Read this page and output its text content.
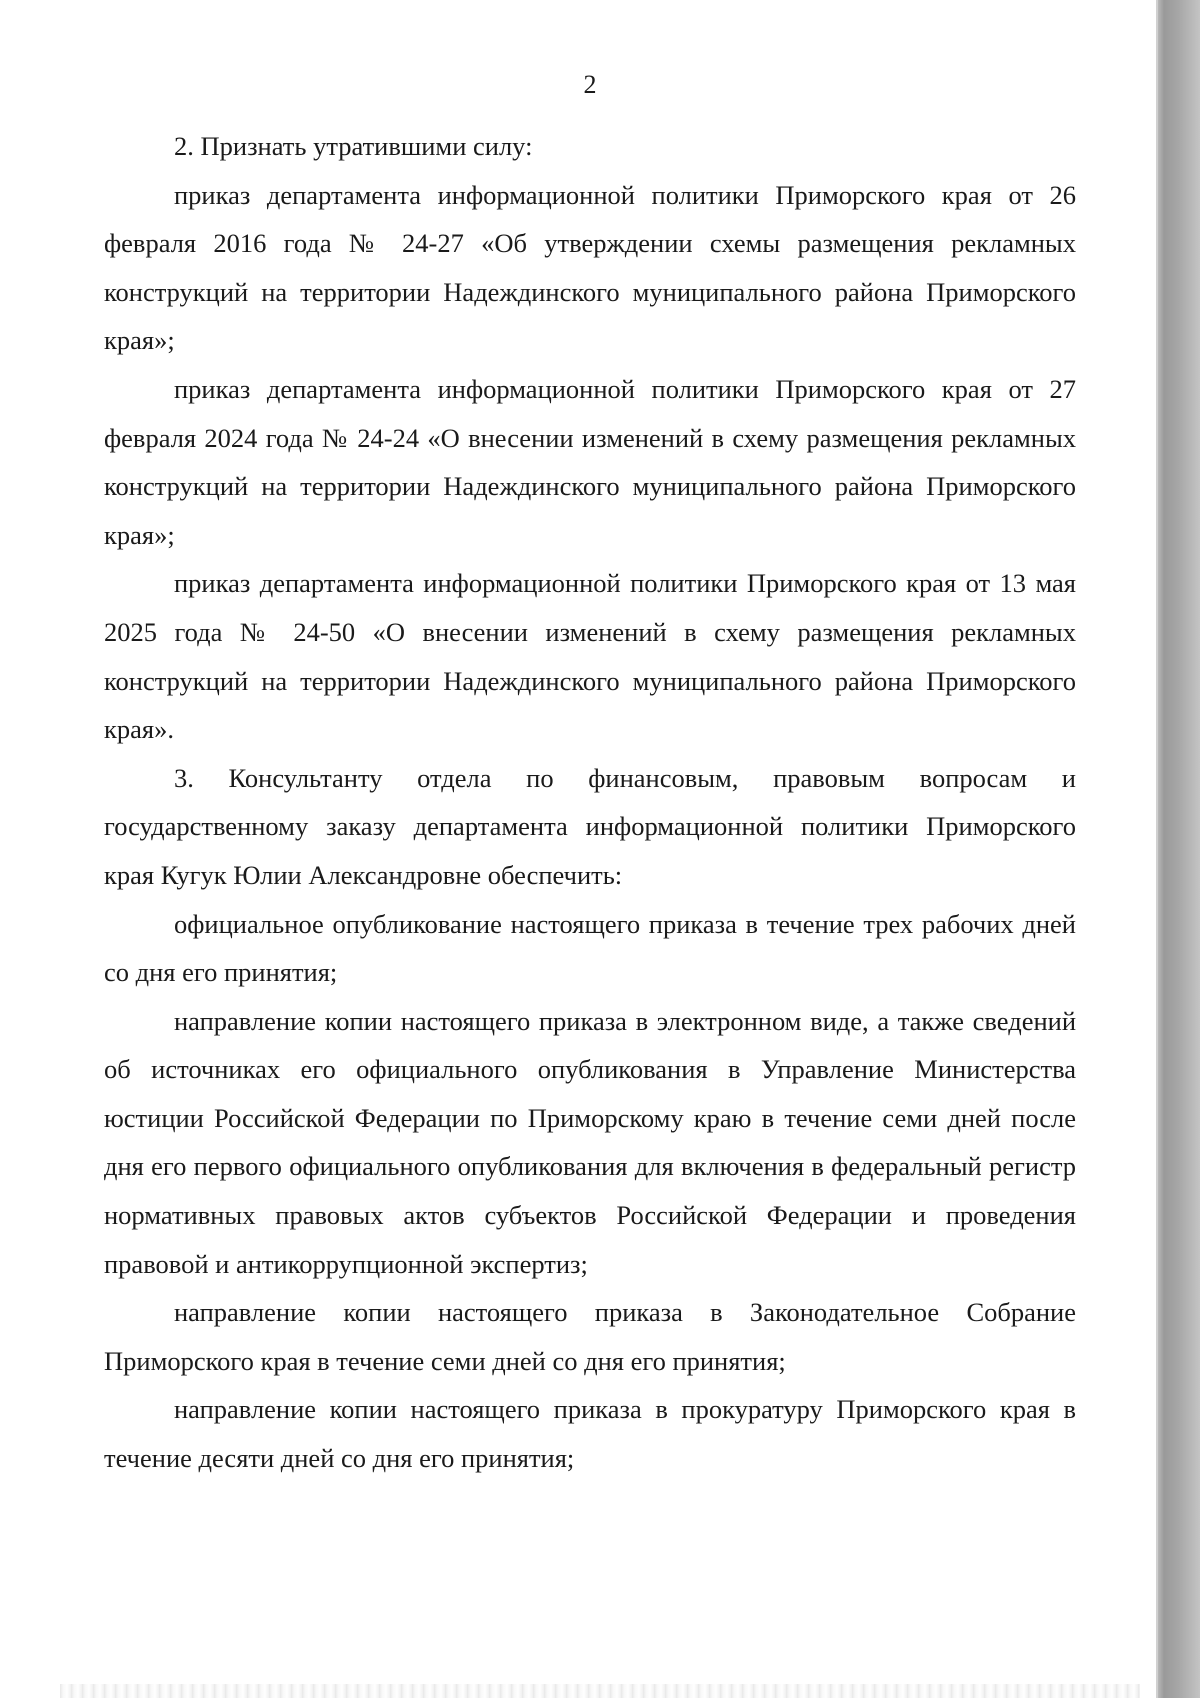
2

2. Признать утратившими силу:

приказ департамента информационной политики Приморского края от 26 февраля 2016 года № 24-27 «Об утверждении схемы размещения рекламных конструкций на территории Надеждинского муниципального района Приморского края»;

приказ департамента информационной политики Приморского края от 27 февраля 2024 года № 24-24 «О внесении изменений в схему размещения рекламных конструкций на территории Надеждинского муниципального района Приморского края»;

приказ департамента информационной политики Приморского края от 13 мая 2025 года № 24-50 «О внесении изменений в схему размещения рекламных конструкций на территории Надеждинского муниципального района Приморского края».

3. Консультанту отдела по финансовым, правовым вопросам и государственному заказу департамента информационной политики Приморского края Кугук Юлии Александровне обеспечить:

официальное опубликование настоящего приказа в течение трех рабочих дней со дня его принятия;

направление копии настоящего приказа в электронном виде, а также сведений об источниках его официального опубликования в Управление Министерства юстиции Российской Федерации по Приморскому краю в течение семи дней после дня его первого официального опубликования для включения в федеральный регистр нормативных правовых актов субъектов Российской Федерации и проведения правовой и антикоррупционной экспертиз;

направление копии настоящего приказа в Законодательное Собрание Приморского края в течение семи дней со дня его принятия;

направление копии настоящего приказа в прокуратуру Приморского края в течение десяти дней со дня его принятия;
